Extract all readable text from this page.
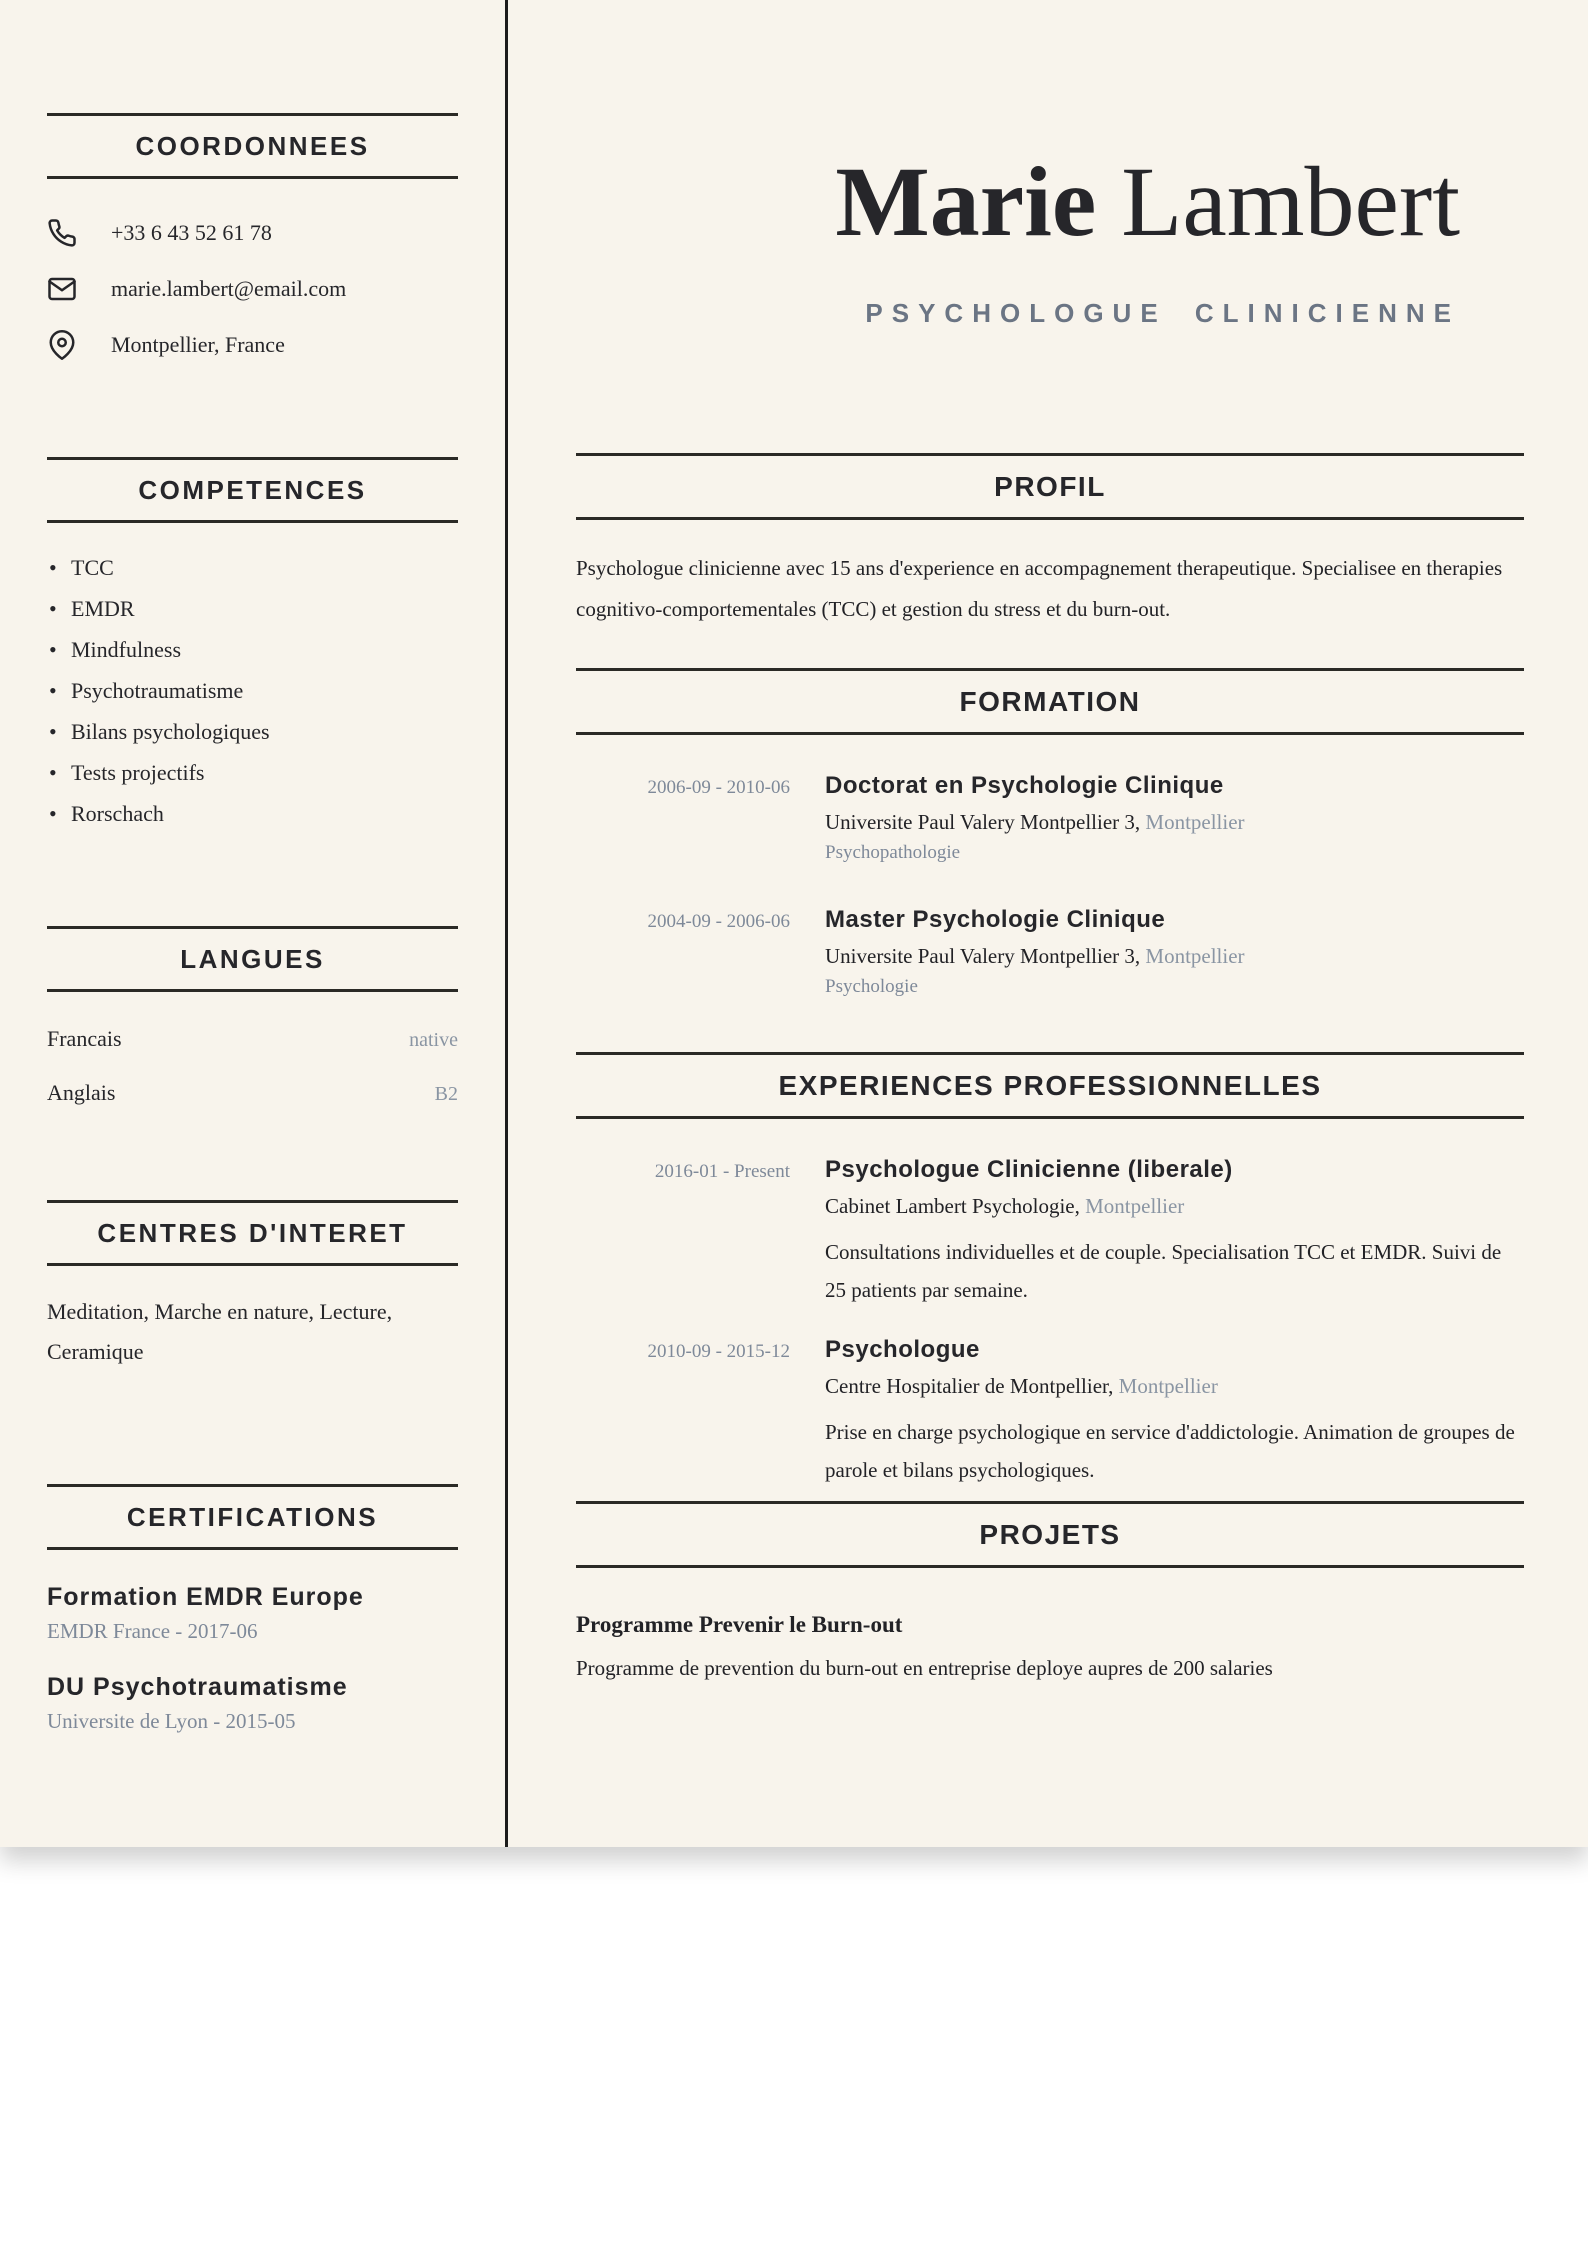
COORDONNEES
+33 6 43 52 61 78
marie.lambert@email.com
Montpellier, France
COMPETENCES
• TCC
• EMDR
• Mindfulness
• Psychotraumatisme
• Bilans psychologiques
• Tests projectifs
• Rorschach
LANGUES
Francais	native
Anglais	B2
CENTRES D'INTERET

Meditation, Marche en nature, Lecture, Ceramique

CERTIFICATIONS
Formation EMDR Europe
EMDR France - 2017-06
DU Psychotraumatisme
Universite de Lyon - 2015-05
Marie Lambert
PSYCHOLOGUE CLINICIENNE
PROFIL

Psychologue clinicienne avec 15 ans d'experience en accompagnement therapeutique. Specialisee en therapies cognitivo-comportementales (TCC) et gestion du stress et du burn-out.

FORMATION
2006-09 - 2010-06 Doctorat en Psychologie Clinique
Universite Paul Valery Montpellier 3, Montpellier
Psychopathologie
2004-09 - 2006-06 Master Psychologie Clinique
Universite Paul Valery Montpellier 3, Montpellier
Psychologie
EXPERIENCES PROFESSIONNELLES
2016-01 - Present Psychologue Clinicienne (liberale)
Cabinet Lambert Psychologie, Montpellier
Consultations individuelles et de couple. Specialisation TCC et EMDR. Suivi de 25 patients par semaine.
2010-09 - 2015-12 Psychologue
Centre Hospitalier de Montpellier, Montpellier
Prise en charge psychologique en service d'addictologie. Animation de groupes de parole et bilans psychologiques.
PROJETS
Programme Prevenir le Burn-out
Programme de prevention du burn-out en entreprise deploye aupres de 200 salaries
